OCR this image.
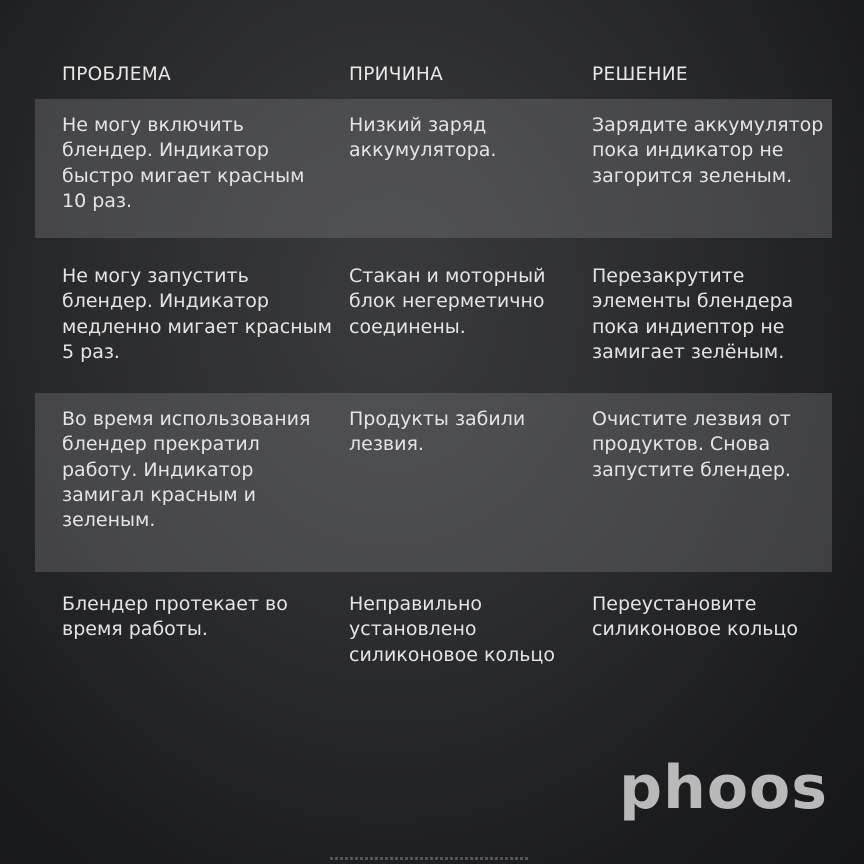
ПРОБЛЕМА	ПРИЧИНА	РЕШЕНИЕ
Не могу включить блендер. Индикатор быстро мигает красным 10 раз.
Низкий заряд аккумулятора.
Зарядите аккумулятор пока индикатор не загорится зеленым.
Не могу запустить блендер. Индикатор медленно мигает красным 5 раз.
Стакан и моторный блок негерметично соединены.
Перезакрутите элементы блендера пока индиептор не замигает зелёным.
Во время использования блендер прекратил работу. Индикатор замигал красным и зеленым.
Продукты забили лезвия.
Очистите лезвия от продуктов. Снова запустите блендер.
Блендер протекает во время работы.
Неправильно установлено силиконовое кольцо
Переустановите силиконовое кольцо
phoos
